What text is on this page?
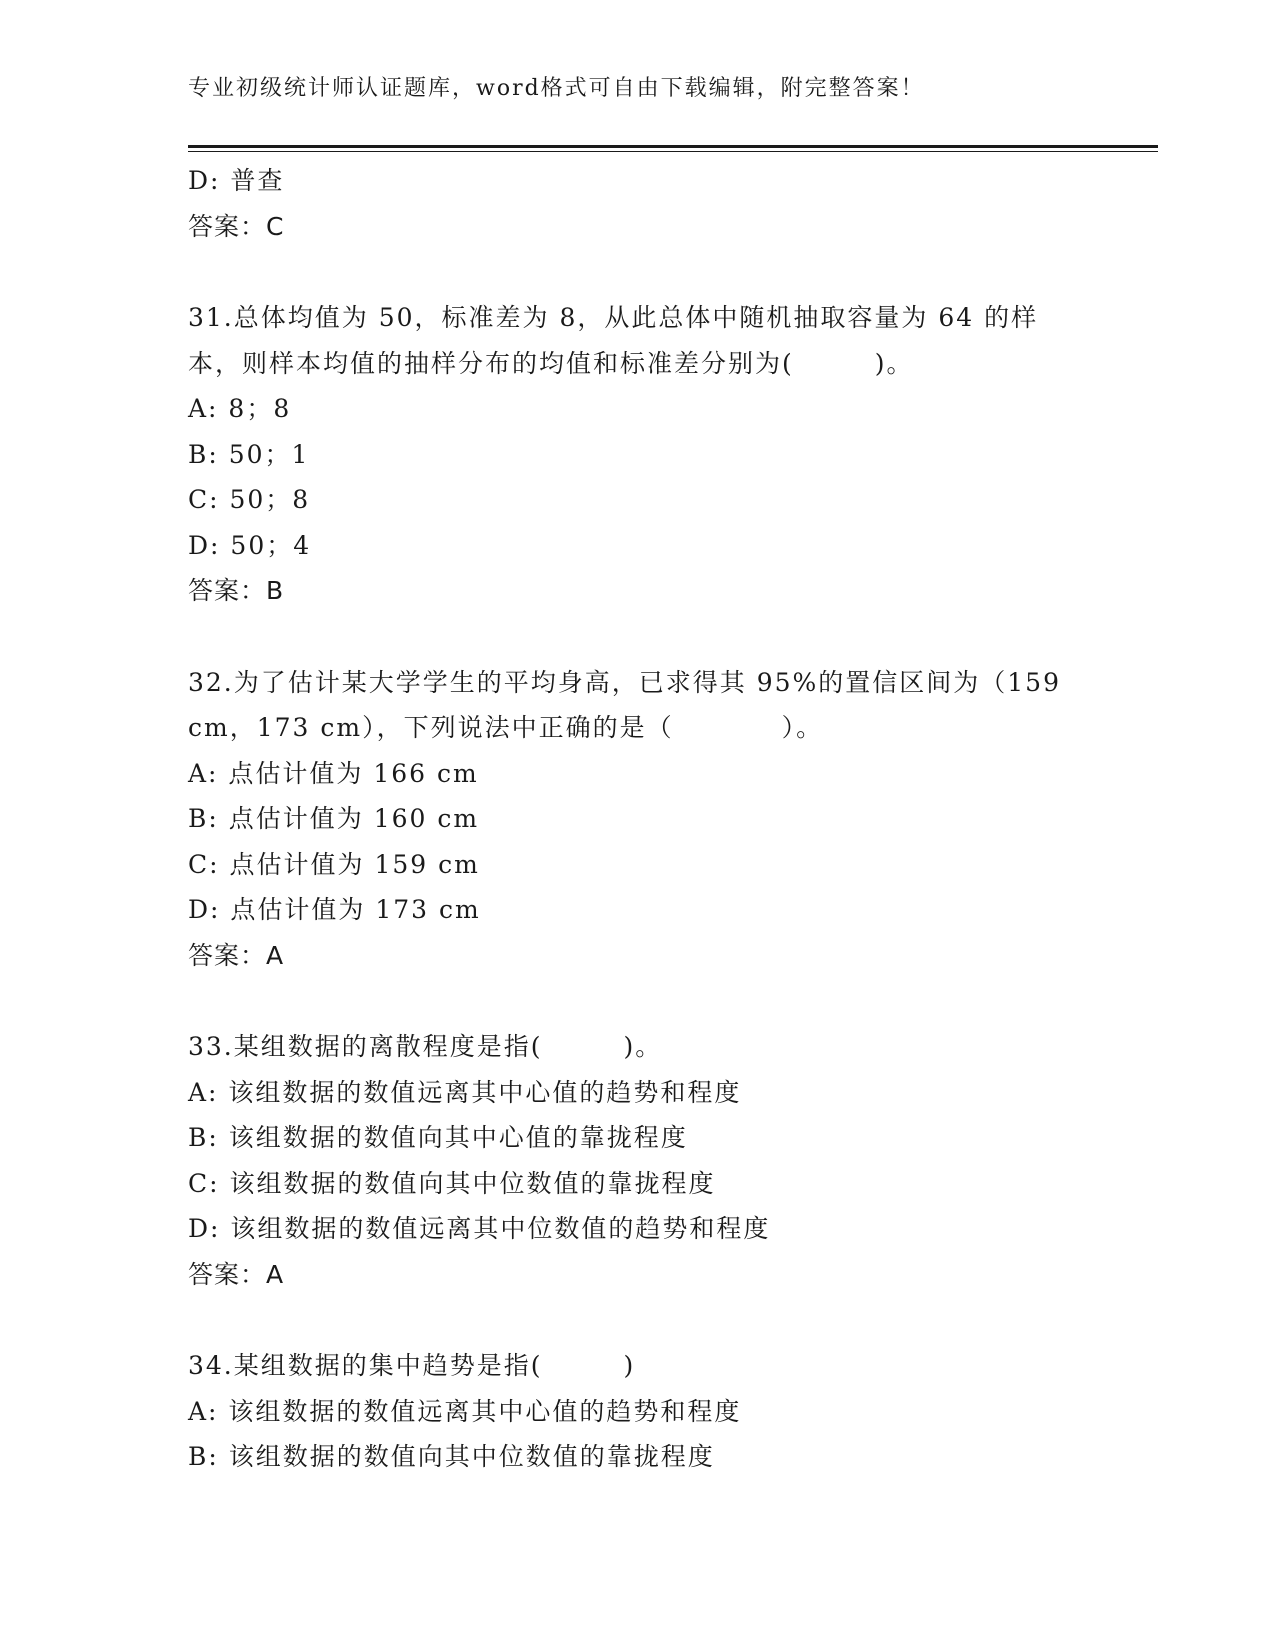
专业初级统计师认证题库，word格式可自由下载编辑，附完整答案！
D: 普查
答案：C
31.总体均值为 50，标准差为 8，从此总体中随机抽取容量为 64 的样
本，则样本均值的抽样分布的均值和标准差分别为(　　　)。
A: 8；8
B: 50；1
C: 50；8
D: 50；4
答案：B
32.为了估计某大学学生的平均身高，已求得其 95%的置信区间为（159
cm，173 cm），下列说法中正确的是（　　　　）。
A: 点估计值为 166 cm
B: 点估计值为 160 cm
C: 点估计值为 159 cm
D: 点估计值为 173 cm
答案：A
33.某组数据的离散程度是指(　　　)。
A: 该组数据的数值远离其中心值的趋势和程度
B: 该组数据的数值向其中心值的靠拢程度
C: 该组数据的数值向其中位数值的靠拢程度
D: 该组数据的数值远离其中位数值的趋势和程度
答案：A
34.某组数据的集中趋势是指(　　　)
A: 该组数据的数值远离其中心值的趋势和程度
B: 该组数据的数值向其中位数值的靠拢程度
